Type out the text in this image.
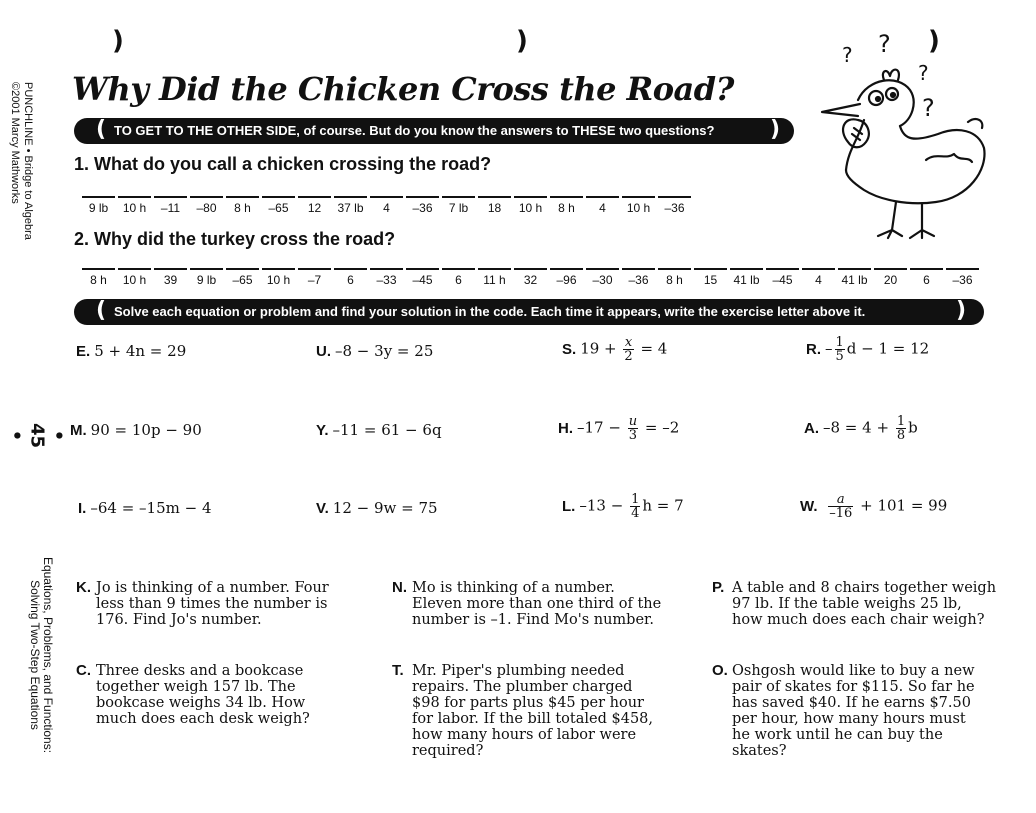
PUNCHLINE • Bridge to Algebra
©2001 Marcy Mathworks
• 45 •
Equations, Problems, and Functions:
Solving Two-Step Equations
)	)	)
Why Did the Chicken Cross the Road?
? ?
?
?
( TO GET TO THE OTHER SIDE, of course. But do you know the answers to THESE two questions?	)
1. What do you call a chicken crossing the road?
9 lb	10 h	–11	–80	8 h	–65	12	37 lb	4	–36	7 lb	18	10 h	8 h	4	10 h	–36
2. Why did the turkey cross the road?
8 h	10 h	39	9 lb	–65	10 h	–7	6	–33	–45	6	11 h	32	–96	–30	–36	8 h	15	41 lb	–45	4	41 lb	20	6	–36
( Solve each equation or problem and find your solution in the code. Each time it appears, write the exercise letter above it.	)
E. 5 + 4n = 29	U. –8 − 3y = 25	S. $19 + \frac{x}{2} = 4$	R. – $\frac{1}{5}$ d − 1 = 12
M. 90 = 10p − 90	Y. –11 = 61 − 6q	H. $-17 - \frac{u}{3} = -2$	A. $-8 = 4 + \frac{1}{8}$ b
I. –64 = –15m − 4	V. 12 − 9w = 75	L. $-13 - \frac{1}{4}$ h = 7	W. $\frac{a}{-16} + 101 = 99$
K. Jo is thinking of a number. Four
less than 9 times the number is
176. Find Jo's number.
N. Mo is thinking of a number.
Eleven more than one third of the
number is –1. Find Mo's number.
P. A table and 8 chairs together weigh
97 lb. If the table weighs 25 lb,
how much does each chair weigh?
C. Three desks and a bookcase
together weigh 157 lb. The
bookcase weighs 34 lb. How
much does each desk weigh?
T. Mr. Piper's plumbing needed
repairs. The plumber charged
$98 for parts plus $45 per hour
for labor. If the bill totaled $458,
how many hours of labor were
required?
O. Oshgosh would like to buy a new
pair of skates for $115. So far he
has saved $40. If he earns $7.50
per hour, how many hours must
he work until he can buy the
skates?
